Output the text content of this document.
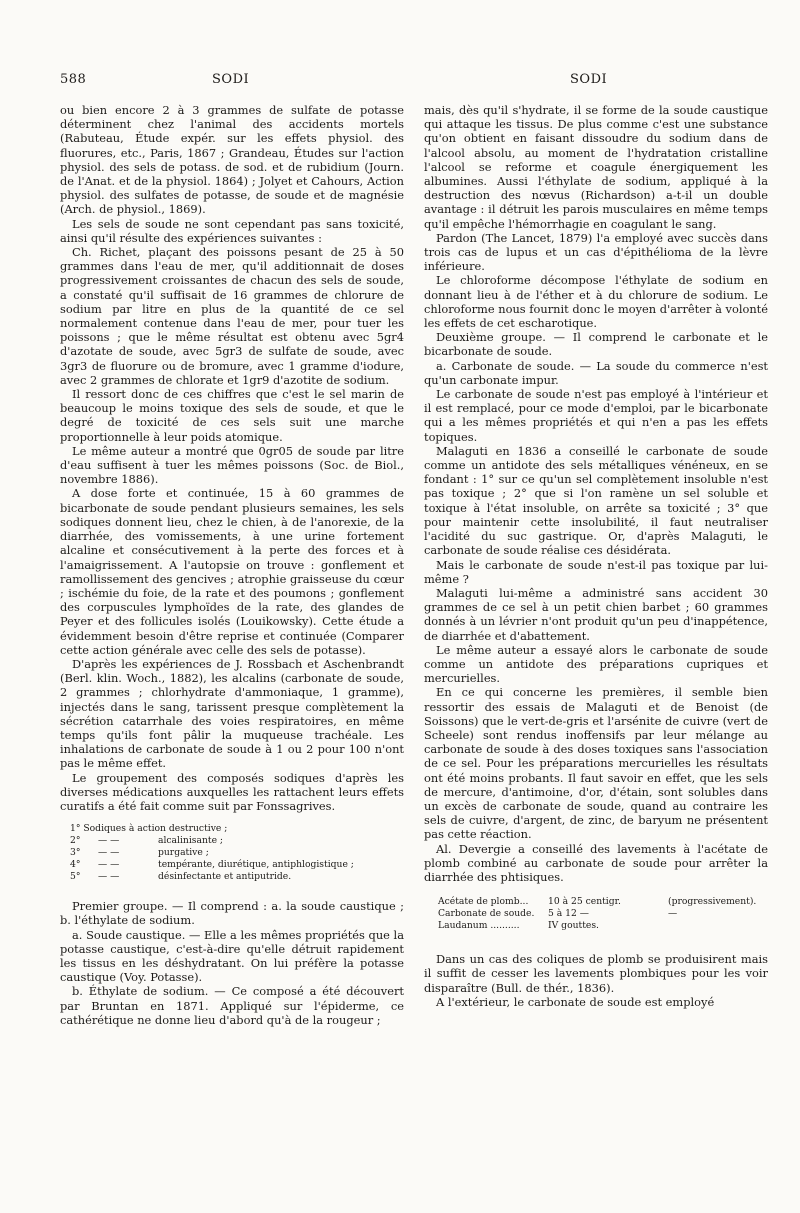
588	SODI	SODI

ou bien encore 2 à 3 grammes de sulfate de potasse déterminent chez l'animal des accidents mortels (Rabuteau, Étude expér. sur les effets physiol. des fluorures, etc., Paris, 1867 ; Grandeau, Études sur l'action physiol. des sels de potass. de sod. et de rubidium (Journ. de l'Anat. et de la physiol. 1864) ; Jolyet et Cahours, Action physiol. des sulfates de potasse, de soude et de magnésie (Arch. de physiol., 1869).

Les sels de soude ne sont cependant pas sans toxicité, ainsi qu'il résulte des expériences suivantes :

Ch. Richet, plaçant des poissons pesant de 25 à 50 grammes dans l'eau de mer, qu'il additionnait de doses progressivement croissantes de chacun des sels de soude, a constaté qu'il suffisait de 16 grammes de chlorure de sodium par litre en plus de la quantité de ce sel normalement contenue dans l'eau de mer, pour tuer les poissons ; que le même résultat est obtenu avec 5gr4 d'azotate de soude, avec 5gr3 de sulfate de soude, avec 3gr3 de fluorure ou de bromure, avec 1 gramme d'iodure, avec 2 grammes de chlorate et 1gr9 d'azotite de sodium.

Il ressort donc de ces chiffres que c'est le sel marin de beaucoup le moins toxique des sels de soude, et que le degré de toxicité de ces sels suit une marche proportionnelle à leur poids atomique.

Le même auteur a montré que 0gr05 de soude par litre d'eau suffisent à tuer les mêmes poissons (Soc. de Biol., novembre 1886).

A dose forte et continuée, 15 à 60 grammes de bicarbonate de soude pendant plusieurs semaines, les sels sodiques donnent lieu, chez le chien, à de l'anorexie, de la diarrhée, des vomissements, à une urine fortement alcaline et consécutivement à la perte des forces et à l'amaigrissement. A l'autopsie on trouve : gonflement et ramollissement des gencives ; atrophie graisseuse du cœur ; ischémie du foie, de la rate et des poumons ; gonflement des corpuscules lymphoïdes de la rate, des glandes de Peyer et des follicules isolés (Louikowsky). Cette étude a évidemment besoin d'être reprise et continuée (Comparer cette action générale avec celle des sels de potasse).

D'après les expériences de J. Rossbach et Aschenbrandt (Berl. klin. Woch., 1882), les alcalins (carbonate de soude, 2 grammes ; chlorhydrate d'ammoniaque, 1 gramme), injectés dans le sang, tarissent presque complètement la sécrétion catarrhale des voies respiratoires, en même temps qu'ils font pâlir la muqueuse trachéale. Les inhalations de carbonate de soude à 1 ou 2 pour 100 n'ont pas le même effet.

Le groupement des composés sodiques d'après les diverses médications auxquelles les rattachent leurs effets curatifs a été fait comme suit par Fonssagrives.

1° Sodiques à action destructive ;
2°	— —	alcalinisante ;
3°	— —	purgative ;
4°	— —	tempérante, diurétique, antiphlogistique ;
5°	— —	désinfectante et antiputride.

Premier groupe. — Il comprend : a. la soude caustique ; b. l'éthylate de sodium.

a. Soude caustique. — Elle a les mêmes propriétés que la potasse caustique, c'est-à-dire qu'elle détruit rapidement les tissus en les déshydratant. On lui préfère la potasse caustique (Voy. Potasse).

b. Éthylate de sodium. — Ce composé a été découvert par Bruntan en 1871. Appliqué sur l'épiderme, ce cathérétique ne donne lieu d'abord qu'à de la rougeur ;

mais, dès qu'il s'hydrate, il se forme de la soude caustique qui attaque les tissus. De plus comme c'est une substance qu'on obtient en faisant dissoudre du sodium dans de l'alcool absolu, au moment de l'hydratation cristalline l'alcool se reforme et coagule énergiquement les albumines. Aussi l'éthylate de sodium, appliqué à la destruction des nœvus (Richardson) a-t-il un double avantage : il détruit les parois musculaires en même temps qu'il empêche l'hémorrhagie en coagulant le sang.

Pardon (The Lancet, 1879) l'a employé avec succès dans trois cas de lupus et un cas d'épithélioma de la lèvre inférieure.

Le chloroforme décompose l'éthylate de sodium en donnant lieu à de l'éther et à du chlorure de sodium. Le chloroforme nous fournit donc le moyen d'arrêter à volonté les effets de cet escharotique.

Deuxième groupe. — Il comprend le carbonate et le bicarbonate de soude.

a. Carbonate de soude. — La soude du commerce n'est qu'un carbonate impur.

Le carbonate de soude n'est pas employé à l'intérieur et il est remplacé, pour ce mode d'emploi, par le bicarbonate qui a les mêmes propriétés et qui n'en a pas les effets topiques.

Malaguti en 1836 a conseillé le carbonate de soude comme un antidote des sels métalliques vénéneux, en se fondant : 1° sur ce qu'un sel complètement insoluble n'est pas toxique ; 2° que si l'on ramène un sel soluble et toxique à l'état insoluble, on arrête sa toxicité ; 3° que pour maintenir cette insolubilité, il faut neutraliser l'acidité du suc gastrique. Or, d'après Malaguti, le carbonate de soude réalise ces désidérata.

Mais le carbonate de soude n'est-il pas toxique par lui-même ?

Malaguti lui-même a administré sans accident 30 grammes de ce sel à un petit chien barbet ; 60 grammes donnés à un lévrier n'ont produit qu'un peu d'inappétence, de diarrhée et d'abattement.

Le même auteur a essayé alors le carbonate de soude comme un antidote des préparations cupriques et mercurielles.

En ce qui concerne les premières, il semble bien ressortir des essais de Malaguti et de Benoist (de Soissons) que le vert-de-gris et l'arsénite de cuivre (vert de Scheele) sont rendus inoffensifs par leur mélange au carbonate de soude à des doses toxiques sans l'association de ce sel. Pour les préparations mercurielles les résultats ont été moins probants. Il faut savoir en effet, que les sels de mercure, d'antimoine, d'or, d'étain, sont solubles dans un excès de carbonate de soude, quand au contraire les sels de cuivre, d'argent, de zinc, de baryum ne présentent pas cette réaction.

Al. Devergie a conseillé des lavements à l'acétate de plomb combiné au carbonate de soude pour arrêter la diarrhée des phtisiques.

Acétate de plomb...	10 à 25 centigr.	(progressivement).
Carbonate de soude.	5 à 12 —	—
Laudanum ..........	IV gouttes.

Dans un cas des coliques de plomb se produisirent mais il suffit de cesser les lavements plombiques pour les voir disparaître (Bull. de thér., 1836).

A l'extérieur, le carbonate de soude est employé
